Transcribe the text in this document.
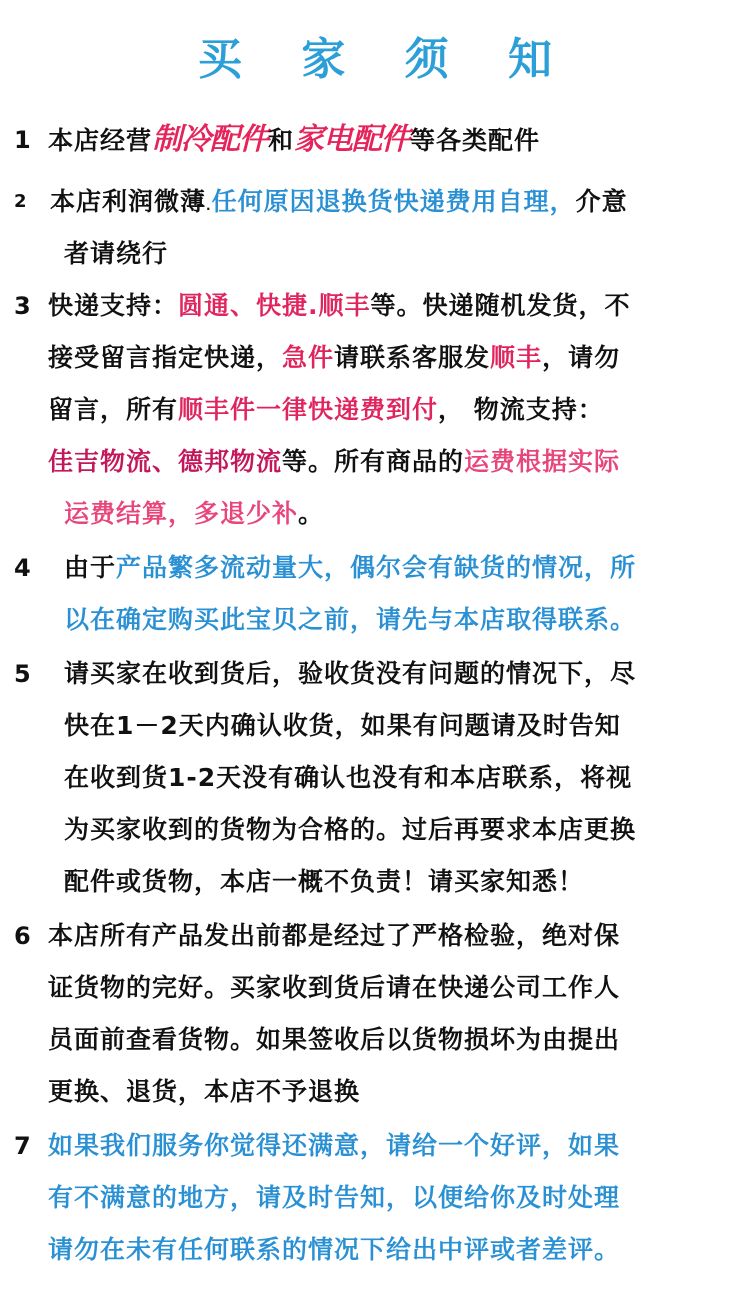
买 家 须 知
1 本店经营制冷配件和家电配件等各类配件
2 本店利润微薄.任何原因退换货快递费用自理，介意
者请绕行
3 快递支持：圆通、快捷.顺丰等。快递随机发货，不
接受留言指定快递，急件请联系客服发顺丰，请勿
留言，所有顺丰件一律快递费到付， 物流支持：
佳吉物流、德邦物流等。所有商品的运费根据实际
运费结算，多退少补。
4 由于产品繁多流动量大，偶尔会有缺货的情况，所
以在确定购买此宝贝之前，请先与本店取得联系。
5 请买家在收到货后，验收货没有问题的情况下，尽
快在1－2天内确认收货，如果有问题请及时告知
在收到货1-2天没有确认也没有和本店联系，将视
为买家收到的货物为合格的。过后再要求本店更换
配件或货物，本店一概不负责！请买家知悉！
6 本店所有产品发出前都是经过了严格检验，绝对保
证货物的完好。买家收到货后请在快递公司工作人
员面前查看货物。如果签收后以货物损坏为由提出
更换、退货，本店不予退换
7 如果我们服务你觉得还满意，请给一个好评，如果
有不满意的地方，请及时告知，以便给你及时处理
请勿在未有任何联系的情况下给出中评或者差评。
